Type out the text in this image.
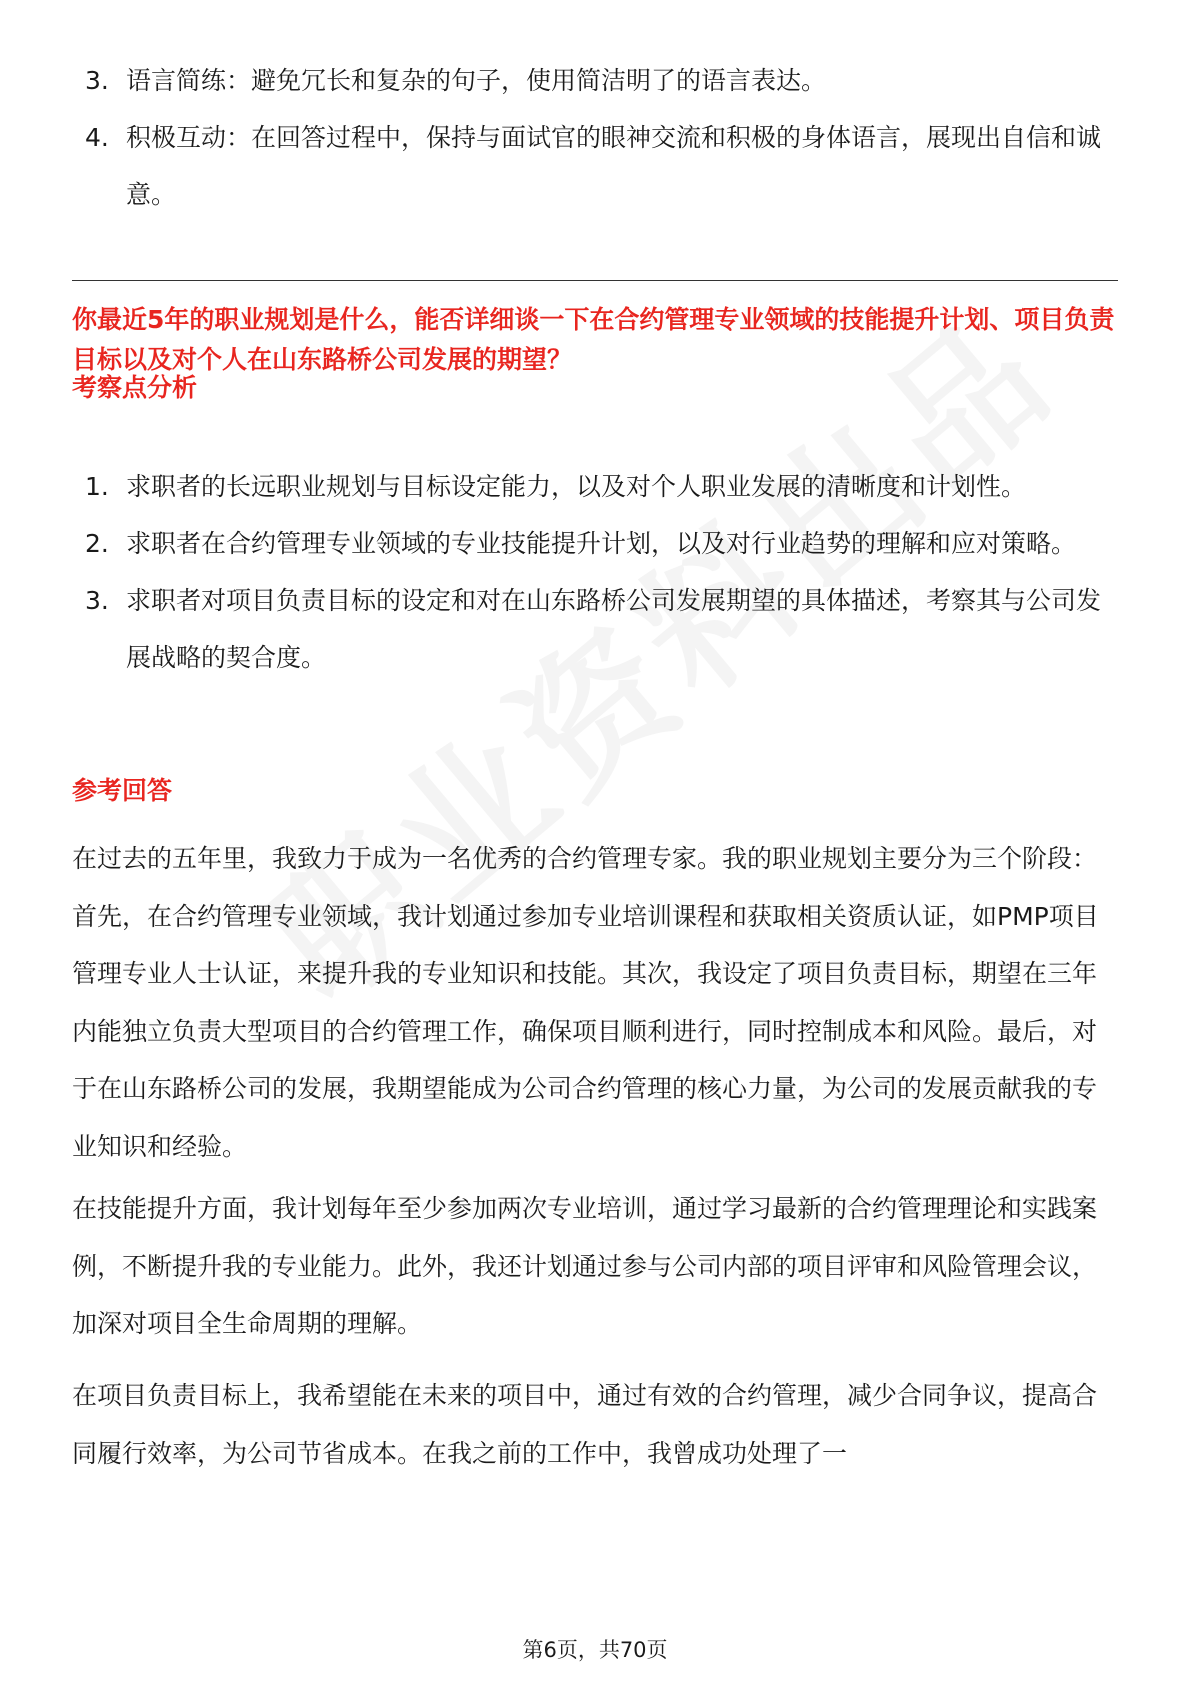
3. 语言简练：避免冗长和复杂的句子，使用简洁明了的语言表达。
4. 积极互动：在回答过程中，保持与面试官的眼神交流和积极的身体语言，展现出自信和诚意。
你最近5年的职业规划是什么，能否详细谈一下在合约管理专业领域的技能提升计划、项目负责目标以及对个人在山东路桥公司发展的期望？
考察点分析
1. 求职者的长远职业规划与目标设定能力，以及对个人职业发展的清晰度和计划性。
2. 求职者在合约管理专业领域的专业技能提升计划，以及对行业趋势的理解和应对策略。
3. 求职者对项目负责目标的设定和对在山东路桥公司发展期望的具体描述，考察其与公司发展战略的契合度。
参考回答

在过去的五年里，我致力于成为一名优秀的合约管理专家。我的职业规划主要分为三个阶段：首先，在合约管理专业领域，我计划通过参加专业培训课程和获取相关资质认证，如PMP项目管理专业人士认证，来提升我的专业知识和技能。其次，我设定了项目负责目标，期望在三年内能独立负责大型项目的合约管理工作，确保项目顺利进行，同时控制成本和风险。最后，对于在山东路桥公司的发展，我期望能成为公司合约管理的核心力量，为公司的发展贡献我的专业知识和经验。

在技能提升方面，我计划每年至少参加两次专业培训，通过学习最新的合约管理理论和实践案例，不断提升我的专业能力。此外，我还计划通过参与公司内部的项目评审和风险管理会议，加深对项目全生命周期的理解。

在项目负责目标上，我希望能在未来的项目中，通过有效的合约管理，减少合同争议，提高合同履行效率，为公司节省成本。在我之前的工作中，我曾成功处理了一

第6页，共70页
